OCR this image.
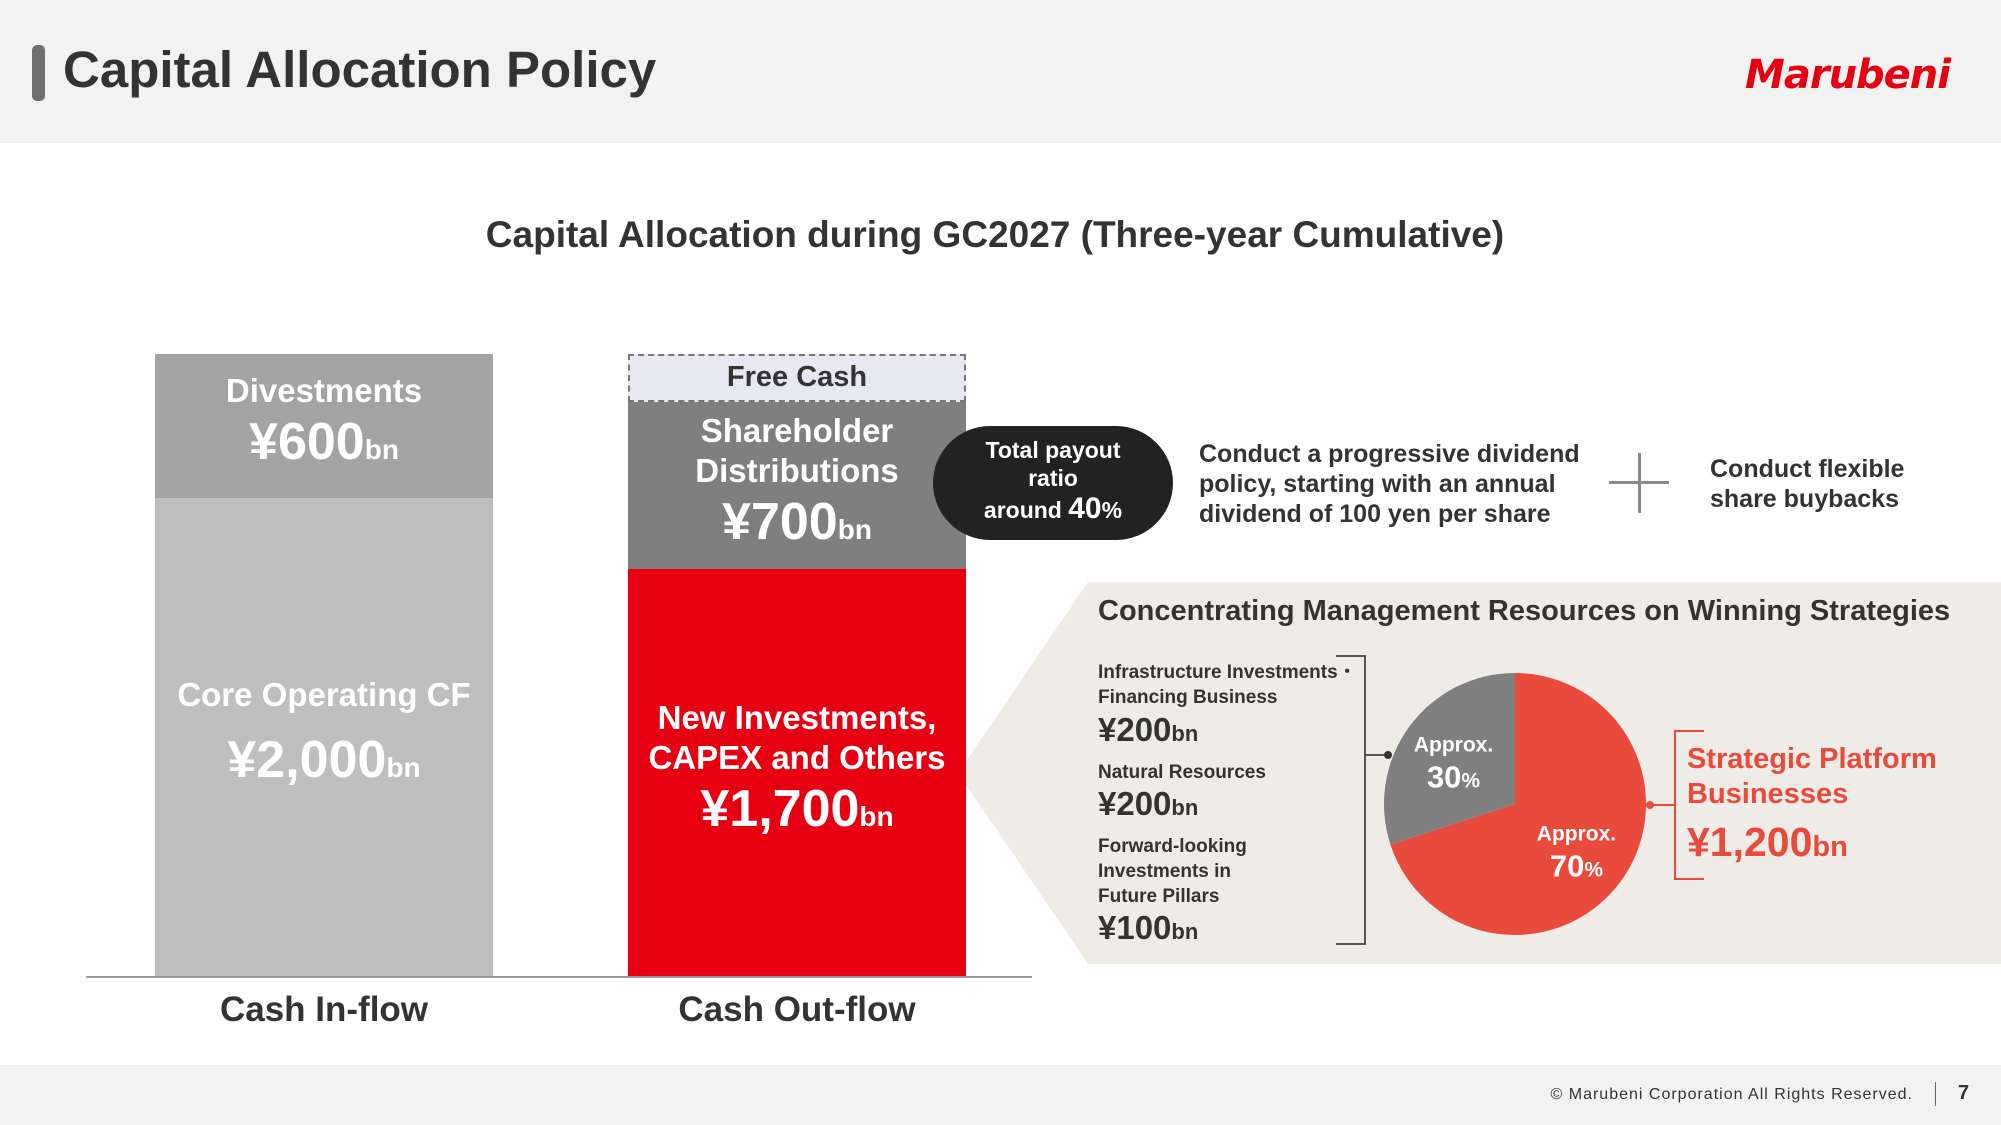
Capital Allocation Policy	Marubeni
Capital Allocation during GC2027 (Three-year Cumulative)
Approx.
70%
Approx.
30%
Divestments
¥600bn
Core Operating CF
¥2,000bn
Free Cash
Shareholder
Distributions
¥700bn
New Investments,
CAPEX and Others
¥1,700bn
Cash In-flow	Cash Out-flow
Total payout
ratio
around 40%
Conduct a progressive dividend
policy, starting with an annual
dividend of 100 yen per share
Conduct flexible
share buybacks
Concentrating Management Resources on Winning Strategies
Infrastructure Investments・
Financing Business
¥200bn
Natural Resources
¥200bn
Forward-looking
Investments in
Future Pillars
¥100bn
Strategic Platform
Businesses
¥1,200bn
© Marubeni Corporation All Rights Reserved. 7
